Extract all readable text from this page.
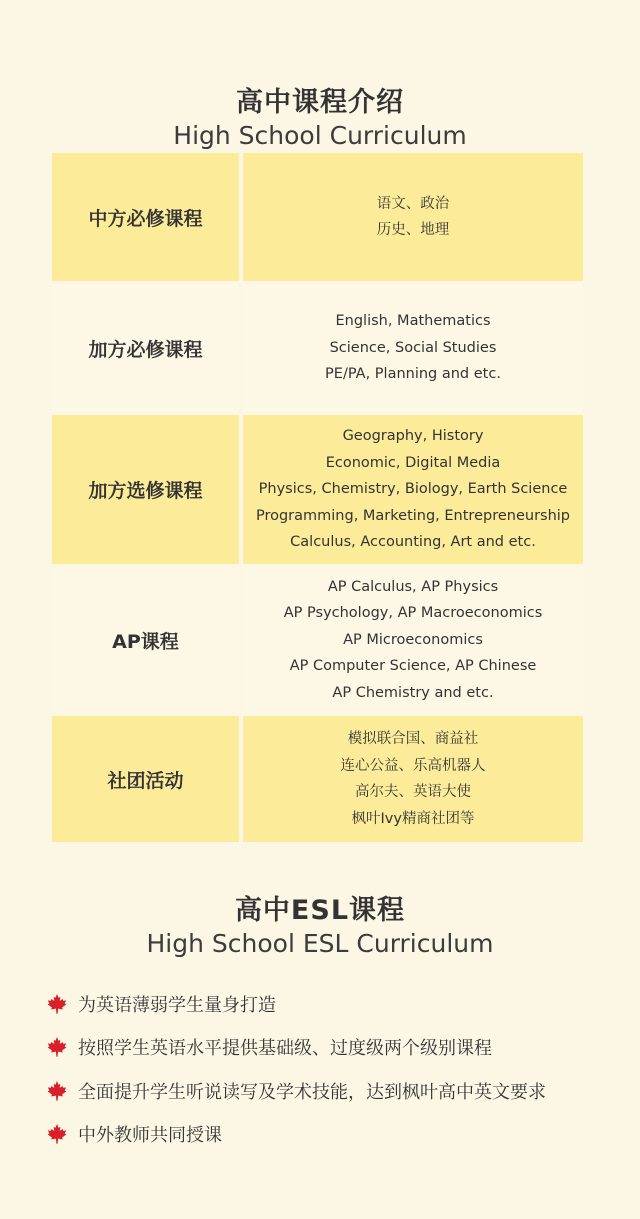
高中课程介绍
High School Curriculum
中方必修课程
语文、政治
历史、地理
加方必修课程
English, Mathematics
Science, Social Studies
PE/PA, Planning and etc.
加方选修课程
Geography, History
Economic, Digital Media
Physics, Chemistry, Biology, Earth Science
Programming, Marketing, Entrepreneurship
Calculus, Accounting, Art and etc.
AP课程
AP Calculus, AP Physics
AP Psychology, AP Macroeconomics
AP Microeconomics
AP Computer Science, AP Chinese
AP Chemistry and etc.
社团活动
模拟联合国、商益社
连心公益、乐高机器人
高尔夫、英语大使
枫叶Ivy精商社团等
高中ESL课程
High School ESL Curriculum
为英语薄弱学生量身打造
按照学生英语水平提供基础级、过度级两个级别课程
全面提升学生听说读写及学术技能，达到枫叶高中英文要求
中外教师共同授课
